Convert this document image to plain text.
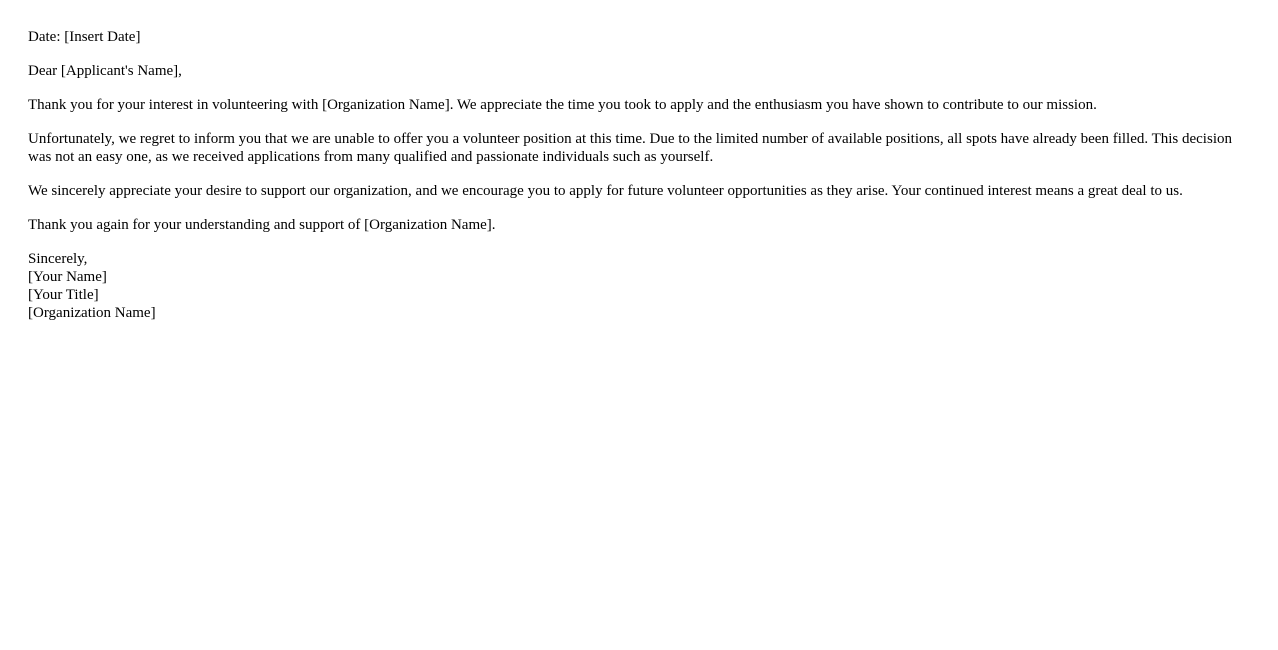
Date: [Insert Date]

Dear [Applicant's Name],

Thank you for your interest in volunteering with [Organization Name]. We appreciate the time you took to apply and the enthusiasm you have shown to contribute to our mission.

Unfortunately, we regret to inform you that we are unable to offer you a volunteer position at this time. Due to the limited number of available positions, all spots have already been filled. This decision was not an easy one, as we received applications from many qualified and passionate individuals such as yourself.

We sincerely appreciate your desire to support our organization, and we encourage you to apply for future volunteer opportunities as they arise. Your continued interest means a great deal to us.

Thank you again for your understanding and support of [Organization Name].

Sincerely,
[Your Name]
[Your Title]
[Organization Name]
